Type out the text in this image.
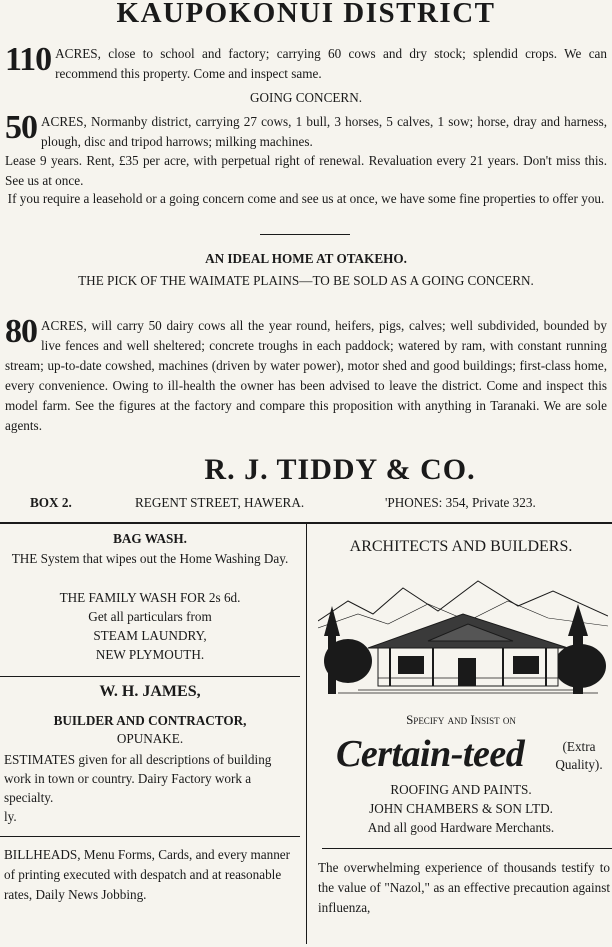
KAUPOKONUI DISTRICT
110 ACRES, close to school and factory; carrying 60 cows and dry stock; splendid crops. We can recommend this property. Come and inspect same.
GOING CONCERN.
50 ACRES, Normanby district, carrying 27 cows, 1 bull, 3 horses, 5 calves, 1 sow; horse, dray and harness, plough, disc and tripod harrows; milking machines.
Lease 9 years. Rent, £35 per acre, with perpetual right of renewal. Revaluation every 21 years. Don't miss this. See us at once.
If you require a leasehold or a going concern come and see us at once, we have some fine properties to offer you.
AN IDEAL HOME AT OTAKEHO.
THE PICK OF THE WAIMATE PLAINS—TO BE SOLD AS A GOING CONCERN.
80 ACRES, will carry 50 dairy cows all the year round, heifers, pigs, calves; well subdivided, bounded by live fences and well sheltered; concrete troughs in each paddock; watered by ram, with constant running stream; up-to-date cowshed, machines (driven by water power), motor shed and good buildings; first-class home, every convenience. Owing to ill-health the owner has been advised to leave the district. Come and inspect this model farm. See the figures at the factory and compare this proposition with anything in Taranaki. We are sole agents.
R. J. TIDDY & CO.
BOX 2.	REGENT STREET, HAWERA.	'PHONES: 354, Private 323.
BAG WASH.
THE System that wipes out the Home Washing Day.
THE FAMILY WASH FOR 2s 6d.
Get all particulars from
STEAM LAUNDRY,
NEW PLYMOUTH.
W. H. JAMES,
BUILDER AND CONTRACTOR,
OPUNAKE.
ESTIMATES given for all descriptions of building work in town or country. Dairy Factory work a specialty.
ly.
BILLHEADS, Menu Forms, Cards, and every manner of printing executed with despatch and at reasonable rates, Daily News Jobbing.
ARCHITECTS AND BUILDERS.
Specify and Insist on
Certain-teed	(Extra Quality).
ROOFING AND PAINTS.
JOHN CHAMBERS & SON LTD.
And all good Hardware Merchants.
The overwhelming experience of thousands testify to the value of "Nazol," as an effective precaution against influenza,
